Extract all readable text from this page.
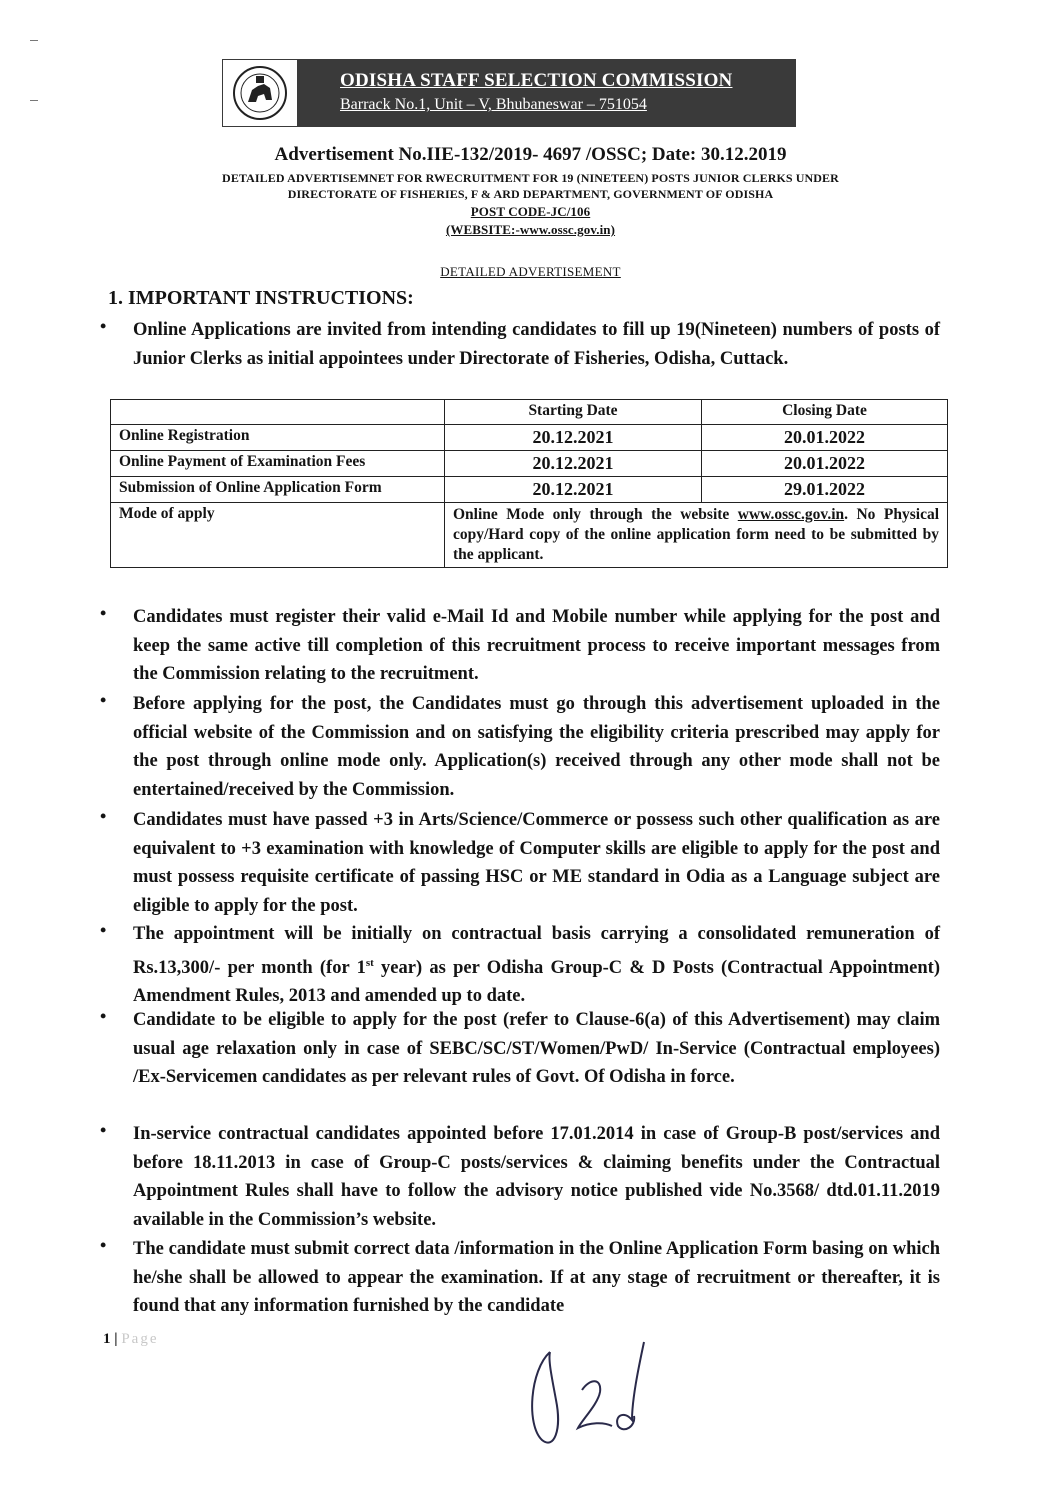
ODISHA STAFF SELECTION COMMISSION
Barrack No.1, Unit – V, Bhubaneswar – 751054
Advertisement No.IIE-132/2019- 4697 /OSSC; Date: 30.12.2019
DETAILED ADVERTISEMNET FOR RWECRUITMENT FOR 19 (NINETEEN) POSTS JUNIOR CLERKS UNDER
DIRECTORATE OF FISHERIES, F & ARD DEPARTMENT, GOVERNMENT OF ODISHA
POST CODE-JC/106
(WEBSITE:-www.ossc.gov.in)
DETAILED ADVERTISEMENT
1. IMPORTANT INSTRUCTIONS:
• Online Applications are invited from intending candidates to fill up 19(Nineteen) numbers of posts of Junior Clerks as initial appointees under Directorate of Fisheries, Odisha, Cuttack.
	Starting Date	Closing Date
Online Registration	20.12.2021	20.01.2022
Online Payment of Examination Fees	20.12.2021	20.01.2022
Submission of Online Application Form	20.12.2021	29.01.2022
Mode of apply	Online Mode only through the website www.ossc.gov.in. No Physical copy/Hard copy of the online application form need to be submitted by the applicant.	
• Candidates must register their valid e-Mail Id and Mobile number while applying for the post and keep the same active till completion of this recruitment process to receive important messages from the Commission relating to the recruitment.
• Before applying for the post, the Candidates must go through this advertisement uploaded in the official website of the Commission and on satisfying the eligibility criteria prescribed may apply for the post through online mode only. Application(s) received through any other mode shall not be entertained/received by the Commission.
• Candidates must have passed +3 in Arts/Science/Commerce or possess such other qualification as are equivalent to +3 examination with knowledge of Computer skills are eligible to apply for the post and must possess requisite certificate of passing HSC or ME standard in Odia as a Language subject are eligible to apply for the post.
• The appointment will be initially on contractual basis carrying a consolidated remuneration of Rs.13,300/- per month (for 1st year) as per Odisha Group-C & D Posts (Contractual Appointment) Amendment Rules, 2013 and amended up to date.
• Candidate to be eligible to apply for the post (refer to Clause-6(a) of this Advertisement) may claim usual age relaxation only in case of SEBC/SC/ST/Women/PwD/ In-Service (Contractual employees) /Ex-Servicemen candidates as per relevant rules of Govt. Of Odisha in force.
• In-service contractual candidates appointed before 17.01.2014 in case of Group-B post/services and before 18.11.2013 in case of Group-C posts/services & claiming benefits under the Contractual Appointment Rules shall have to follow the advisory notice published vide No.3568/ dtd.01.11.2019 available in the Commission’s website.
• The candidate must submit correct data /information in the Online Application Form basing on which he/she shall be allowed to appear the examination. If at any stage of recruitment or thereafter, it is found that any information furnished by the candidate
1 | Page
